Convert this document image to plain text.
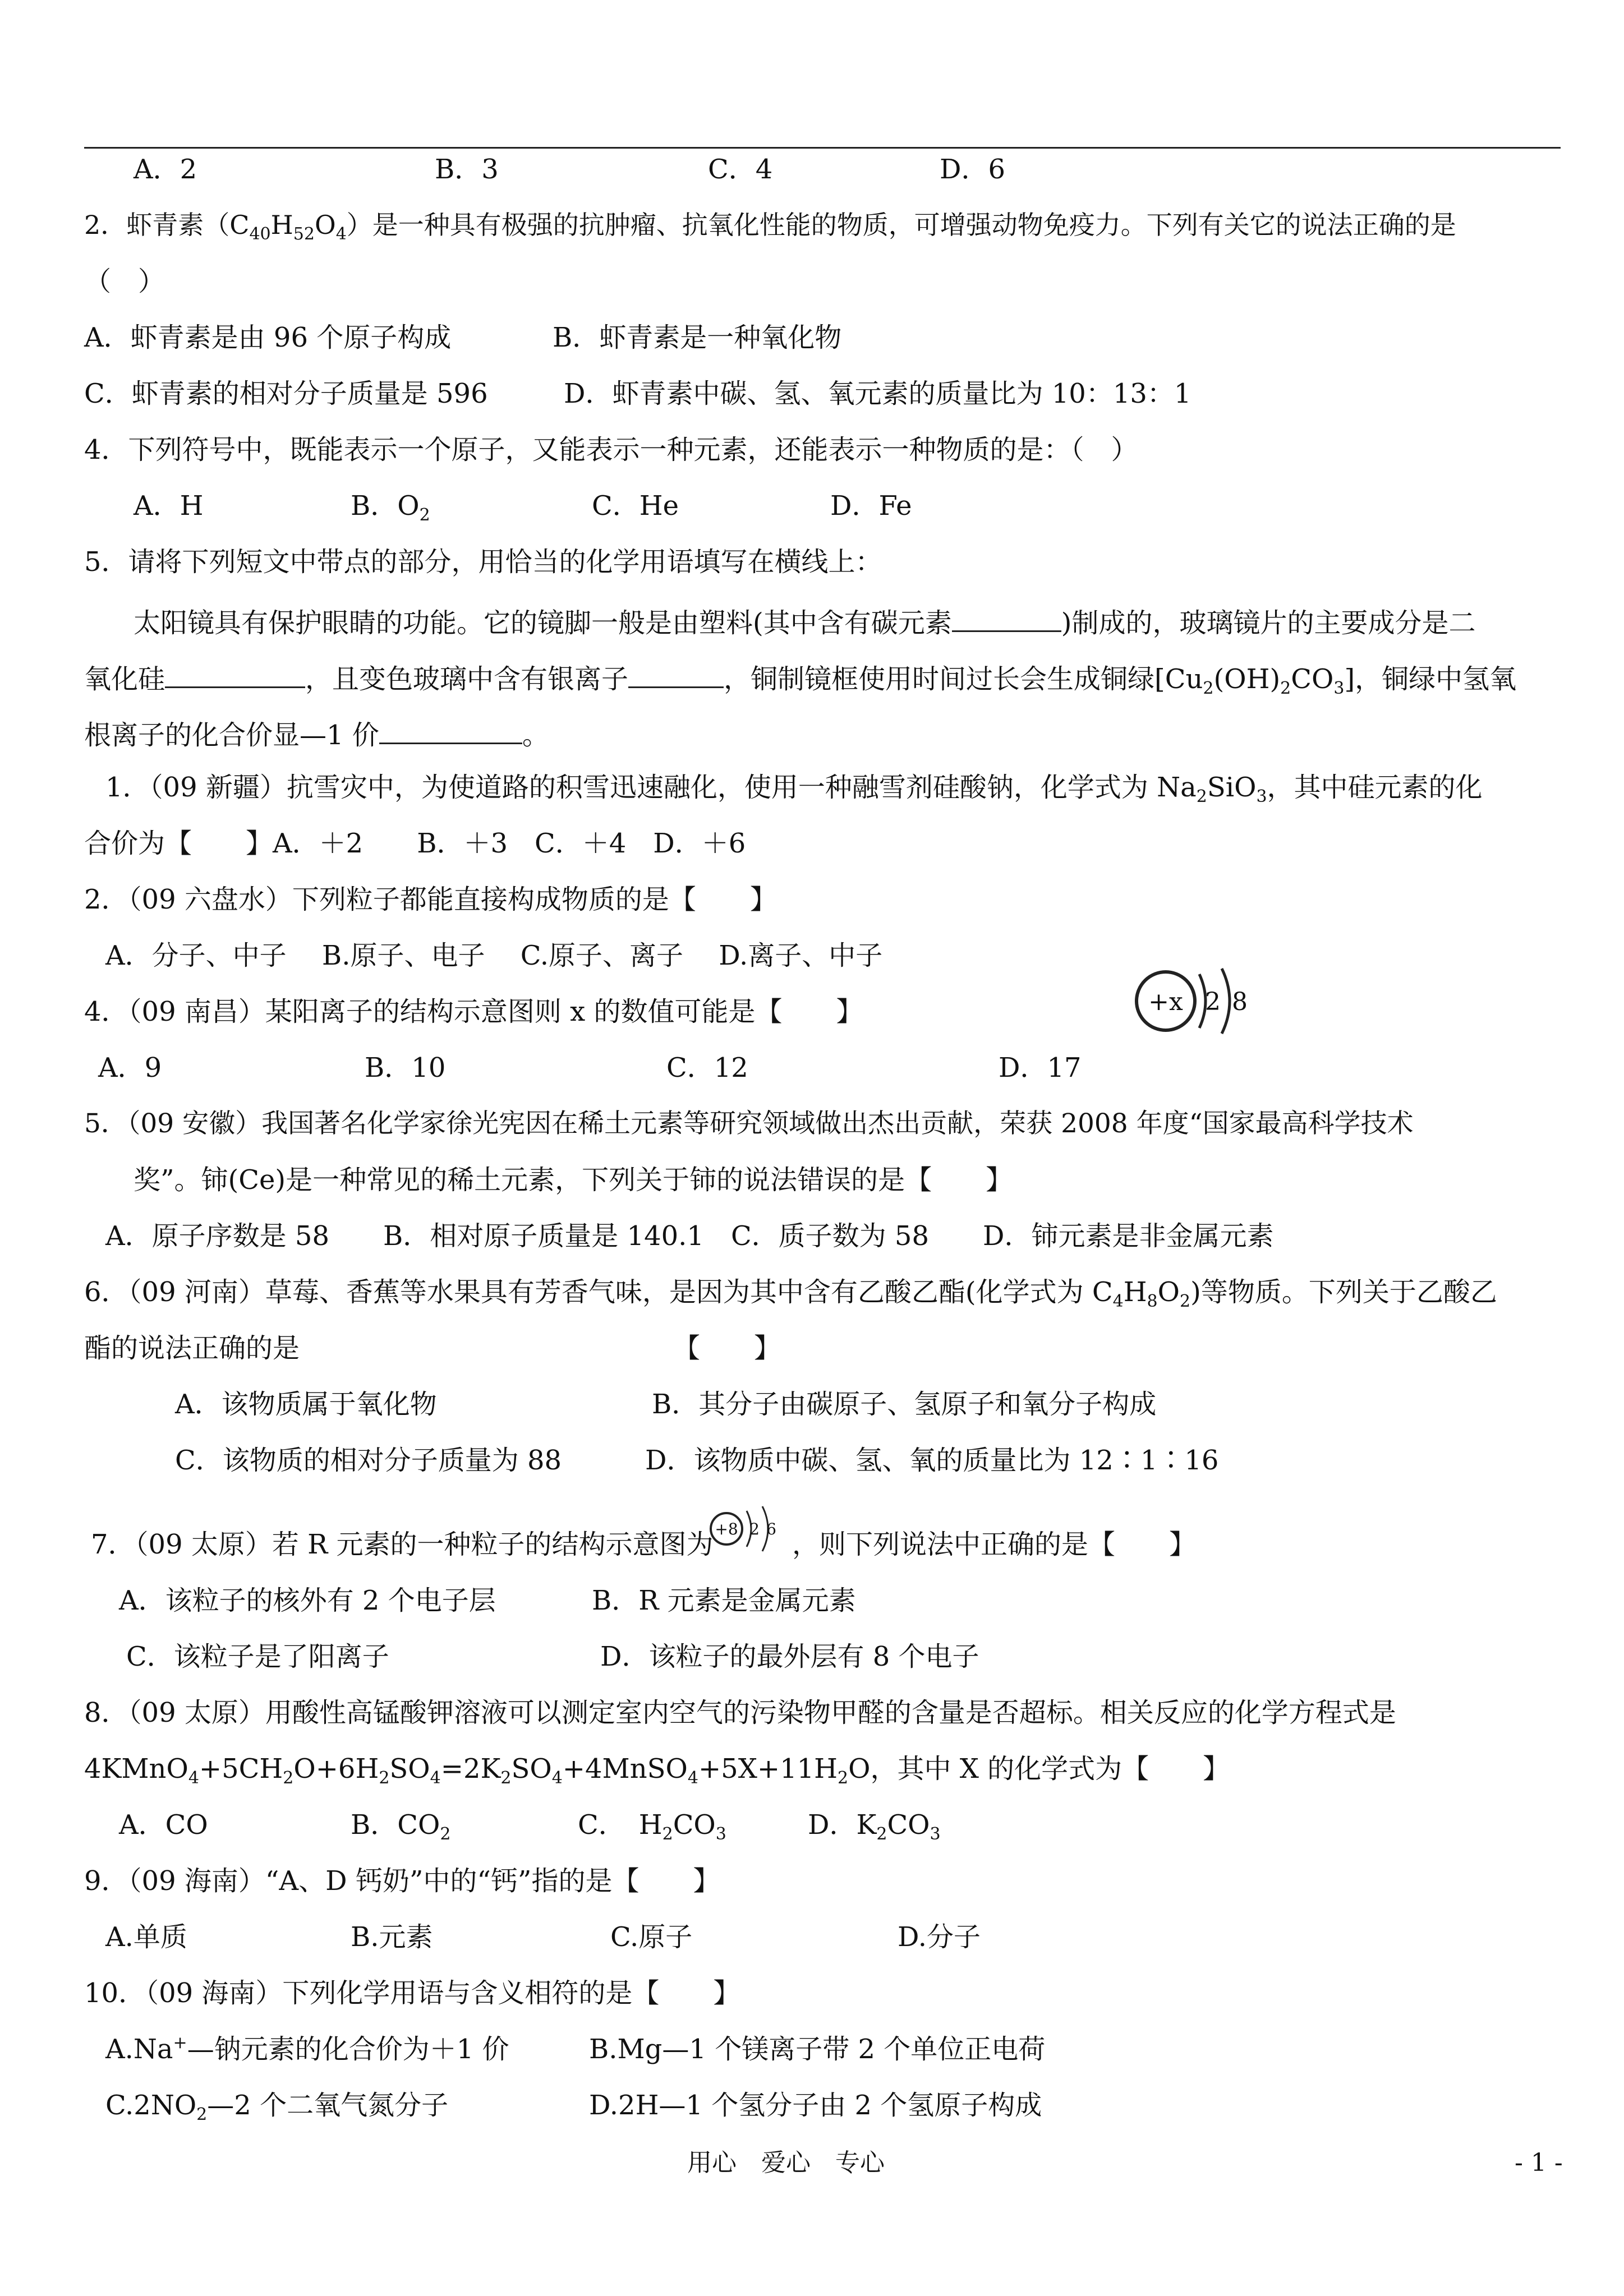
A．2	B．3	C．4	D．6
2．虾青素$(C_{40}H_{52}O_4)$是一种具有极强的抗肿瘤、抗氧化性能的物质，可增强动物免疫力。下列有关它的说法正确的是
（　）
A．虾青素是由 96 个原子构成	B．虾青素是一种氧化物
C．虾青素的相对分子质量是 596	D．虾青素中碳、氢、氧元素的质量比为 10：13：1
4．下列符号中，既能表示一个原子，又能表示一种元素，还能表示一种物质的是：（　）
A．H	B．$O_2$	C．He	D．Fe
5．请将下列短文中带点的部分，用恰当的化学用语填写在横线上：
太阳镜具有保护眼睛的功能。它的镜脚一般是由塑料(其中含有碳元素	)制成的，玻璃镜片的主要成分是二
氧化硅	，且变色玻璃中含有银离子	，铜制镜框使用时间过长会生成铜绿$[Cu_2(OH)_2CO_3]$，铜绿中氢氧
根离子的化合价显—1 价	。
1．（09 新疆）抗雪灾中，为使道路的积雪迅速融化，使用一种融雪剂硅酸钠，化学式为 $Na_2SiO_3$，其中硅元素的化
合价为【　　】A．＋2　　B．＋3　C．＋4　D．＋6
2．（09 六盘水）下列粒子都能直接构成物质的是【　　】
A．分子、中子　 B.原子、电子　 C.原子、离子　 D.离子、中子
4．（09 南昌）某阳离子的结构示意图则 x 的数值可能是【　　】	+x 2 8
A．9	B．10	C．12	D．17
5．（09 安徽）我国著名化学家徐光宪因在稀土元素等研究领域做出杰出贡献，荣获 2008 年度“国家最高科学技术
奖”。铈(Ce)是一种常见的稀土元素，下列关于铈的说法错误的是【　　】
A．原子序数是 58　　B．相对原子质量是 140.1　C．质子数为 58　　D．铈元素是非金属元素
6．（09 河南）草莓、香蕉等水果具有芳香气味，是因为其中含有乙酸乙酯(化学式为 $C_4H_8O_2$)等物质。下列关于乙酸乙
酯的说法正确的是	【　　】
A．该物质属于氧化物	B．其分子由碳原子、氢原子和氧分子构成
C．该物质的相对分子质量为 88	D．该物质中碳、氢、氧的质量比为 12∶1∶16
7．（09 太原）若 R 元素的一种粒子的结构示意图为 +8 2 6 ，则下列说法中正确的是【　　】
A．该粒子的核外有 2 个电子层	B．R 元素是金属元素
C．该粒子是了阳离子	D．该粒子的最外层有 8 个电子
8．（09 太原）用酸性高锰酸钾溶液可以测定室内空气的污染物甲醛的含量是否超标。相关反应的化学方程式是
$4KMnO_4+5CH_2O+6H_2SO_4=2K_2SO_4+4MnSO_4+5X+11H_2O$，其中 X 的化学式为【　　】
A．CO	B．$CO_2$	C．　$H_2CO_3$	D．$K_2CO_3$
9．（09 海南）“A、D 钙奶”中的“钙”指的是【　　】
A.单质	B.元素	C.原子	D.分子
10．（09 海南）下列化学用语与含义相符的是【　　】
A.Na+—钠元素的化合价为＋1 价	B.Mg—1 个镁离子带 2 个单位正电荷
$C.2NO_2—2$ 个二氧气氮分子	D.2H—1 个氢分子由 2 个氢原子构成
用心　爱心　专心	- 1 -
